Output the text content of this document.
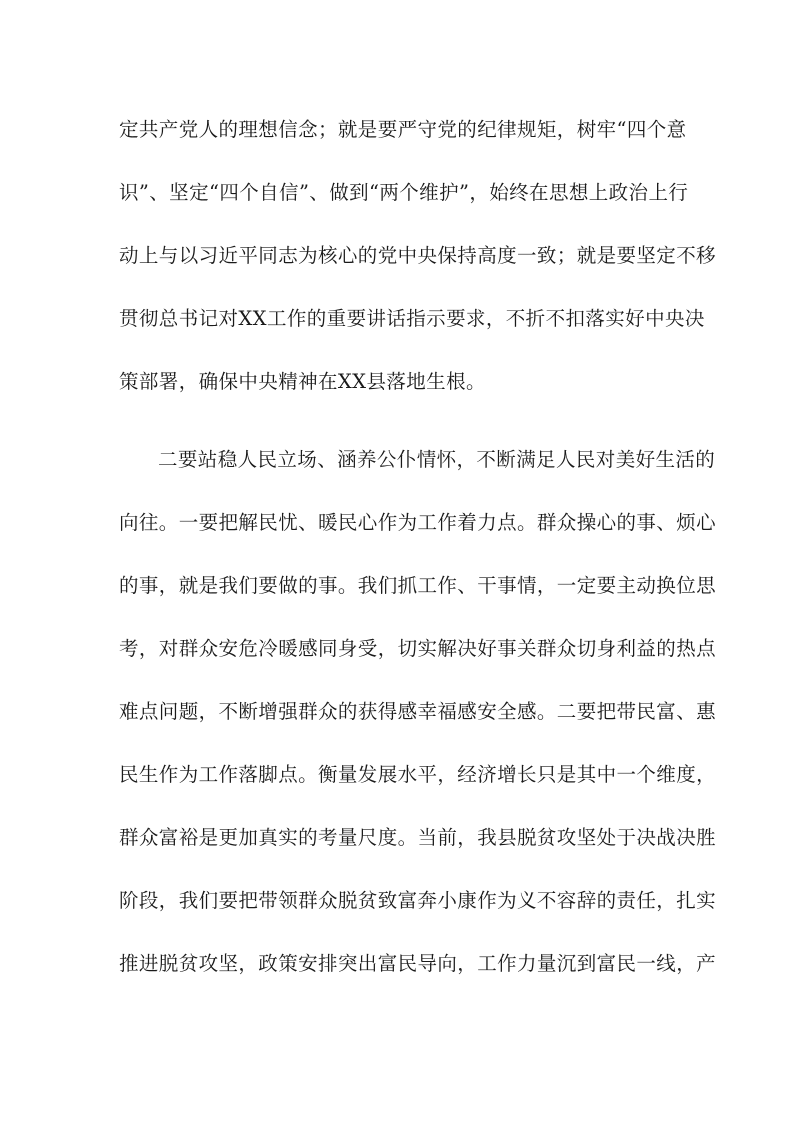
定共产党人的理想信念；就是要严守党的纪律规矩，树牢“四个意
识”、坚定“四个自信”、做到“两个维护”，始终在思想上政治上行
动上与以习近平同志为核心的党中央保持高度一致；就是要坚定不移
贯彻总书记对XX工作的重要讲话指示要求，不折不扣落实好中央决
策部署，确保中央精神在XX县落地生根。
二要站稳人民立场、涵养公仆情怀，不断满足人民对美好生活的
向往。一要把解民忧、暖民心作为工作着力点。群众操心的事、烦心
的事，就是我们要做的事。我们抓工作、干事情，一定要主动换位思
考，对群众安危冷暖感同身受，切实解决好事关群众切身利益的热点
难点问题，不断增强群众的获得感幸福感安全感。二要把带民富、惠
民生作为工作落脚点。衡量发展水平，经济增长只是其中一个维度，
群众富裕是更加真实的考量尺度。当前，我县脱贫攻坚处于决战决胜
阶段，我们要把带领群众脱贫致富奔小康作为义不容辞的责任，扎实
推进脱贫攻坚，政策安排突出富民导向，工作力量沉到富民一线，产
